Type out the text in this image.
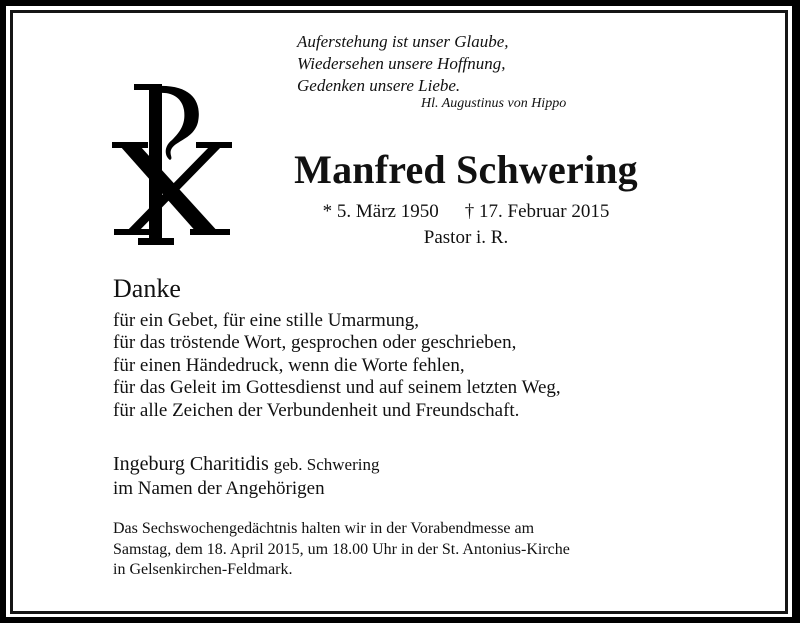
Auferstehung ist unser Glaube,
Wiedersehen unsere Hoffnung,
Gedenken unsere Liebe.
Hl. Augustinus von Hippo
Manfred Schwering
* 5. März 1950 † 17. Februar 2015
Pastor i. R.
Danke
für ein Gebet, für eine stille Umarmung,
für das tröstende Wort, gesprochen oder geschrieben,
für einen Händedruck, wenn die Worte fehlen,
für das Geleit im Gottesdienst und auf seinem letzten Weg,
für alle Zeichen der Verbundenheit und Freundschaft.
Ingeburg Charitidis geb. Schwering
im Namen der Angehörigen
Das Sechswochengedächtnis halten wir in der Vorabendmesse am
Samstag, dem 18. April 2015, um 18.00 Uhr in der St. Antonius-Kirche
in Gelsenkirchen-Feldmark.
